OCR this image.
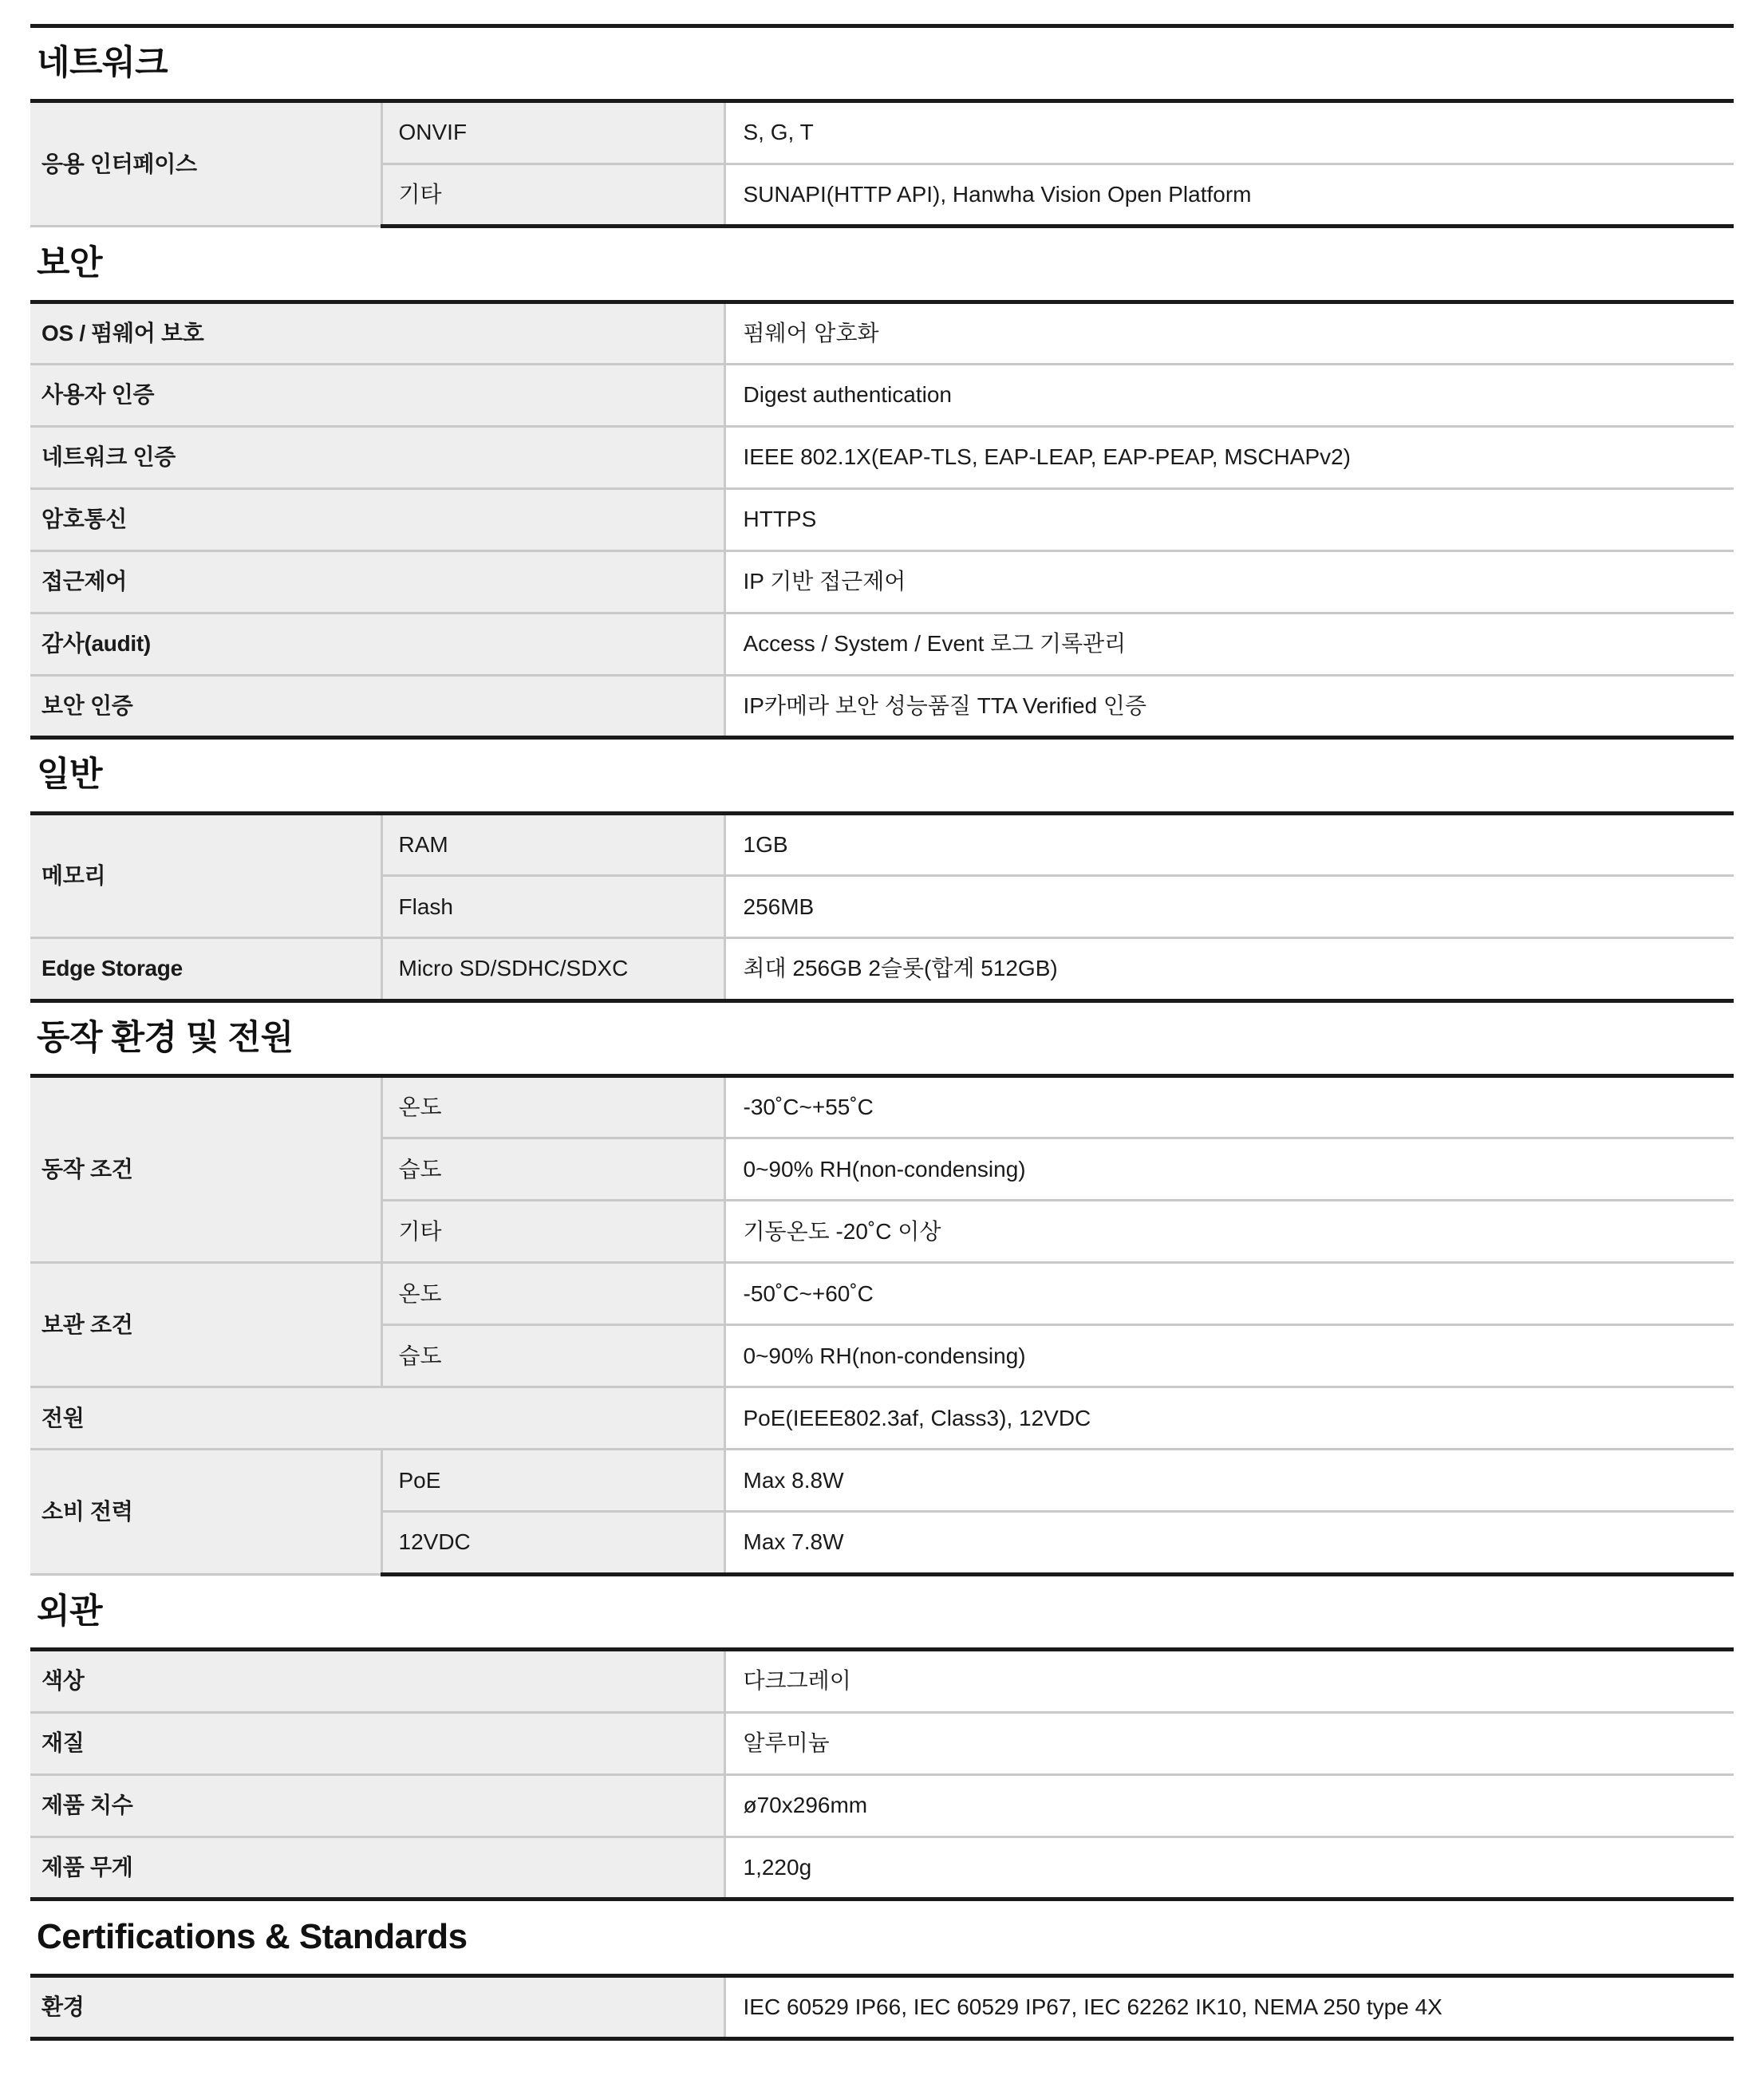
네트워크
응용 인터페이스	ONVIF	S, G, T
	기타	SUNAPI(HTTP API), Hanwha Vision Open Platform
보안
OS / 펌웨어 보호	펌웨어 암호화
사용자 인증	Digest authentication
네트워크 인증	IEEE 802.1X(EAP-TLS, EAP-LEAP, EAP-PEAP, MSCHAPv2)
암호통신	HTTPS
접근제어	IP 기반 접근제어
감사(audit)	Access / System / Event 로그 기록관리
보안 인증	IP카메라 보안 성능품질 TTA Verified 인증
일반
메모리	RAM	1GB
	Flash	256MB
Edge Storage	Micro SD/SDHC/SDXC	최대 256GB 2슬롯(합계 512GB)
동작 환경 및 전원
동작 조건	온도	-30˚C~+55˚C
	습도	0~90% RH(non-condensing)
	기타	기동온도 -20˚C 이상
보관 조건	온도	-50˚C~+60˚C
	습도	0~90% RH(non-condensing)
전원		PoE(IEEE802.3af, Class3), 12VDC
소비 전력	PoE	Max 8.8W
	12VDC	Max 7.8W
외관
색상	다크그레이
재질	알루미늄
제품 치수	ø70x296mm
제품 무게	1,220g
Certifications & Standards
환경	IEC 60529 IP66, IEC 60529 IP67, IEC 62262 IK10, NEMA 250 type 4X
